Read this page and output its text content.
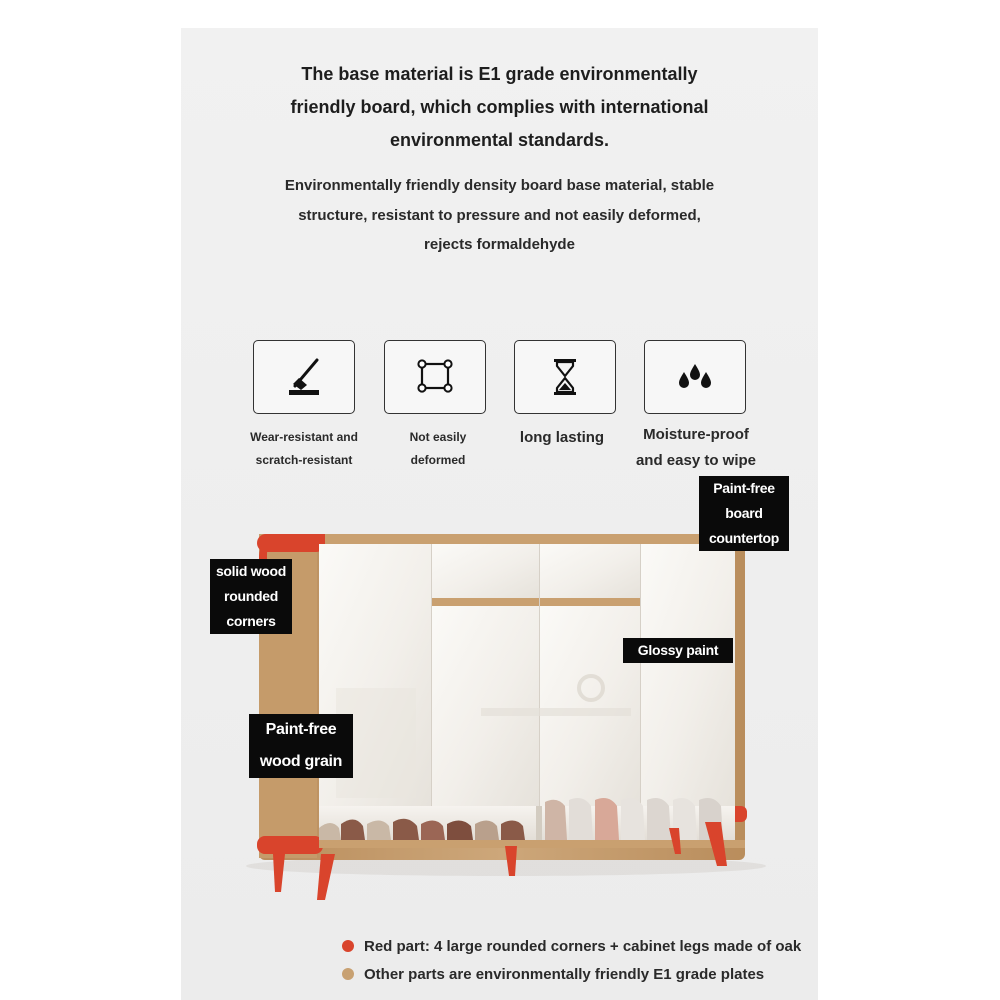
The base material is E1 grade environmentally
friendly board, which complies with international
environmental standards.
Environmentally friendly density board base material, stable
structure, resistant to pressure and not easily deformed,
rejects formaldehyde
Wear-resistant and
scratch-resistant
Not easily
deformed
long lasting	Moisture-proof
and easy to wipe
Paint-free
board
countertop
solid wood
rounded
corners
Glossy paint
Paint-free
wood grain
Red part: 4 large rounded corners + cabinet legs made of oak
Other parts are environmentally friendly E1 grade plates
